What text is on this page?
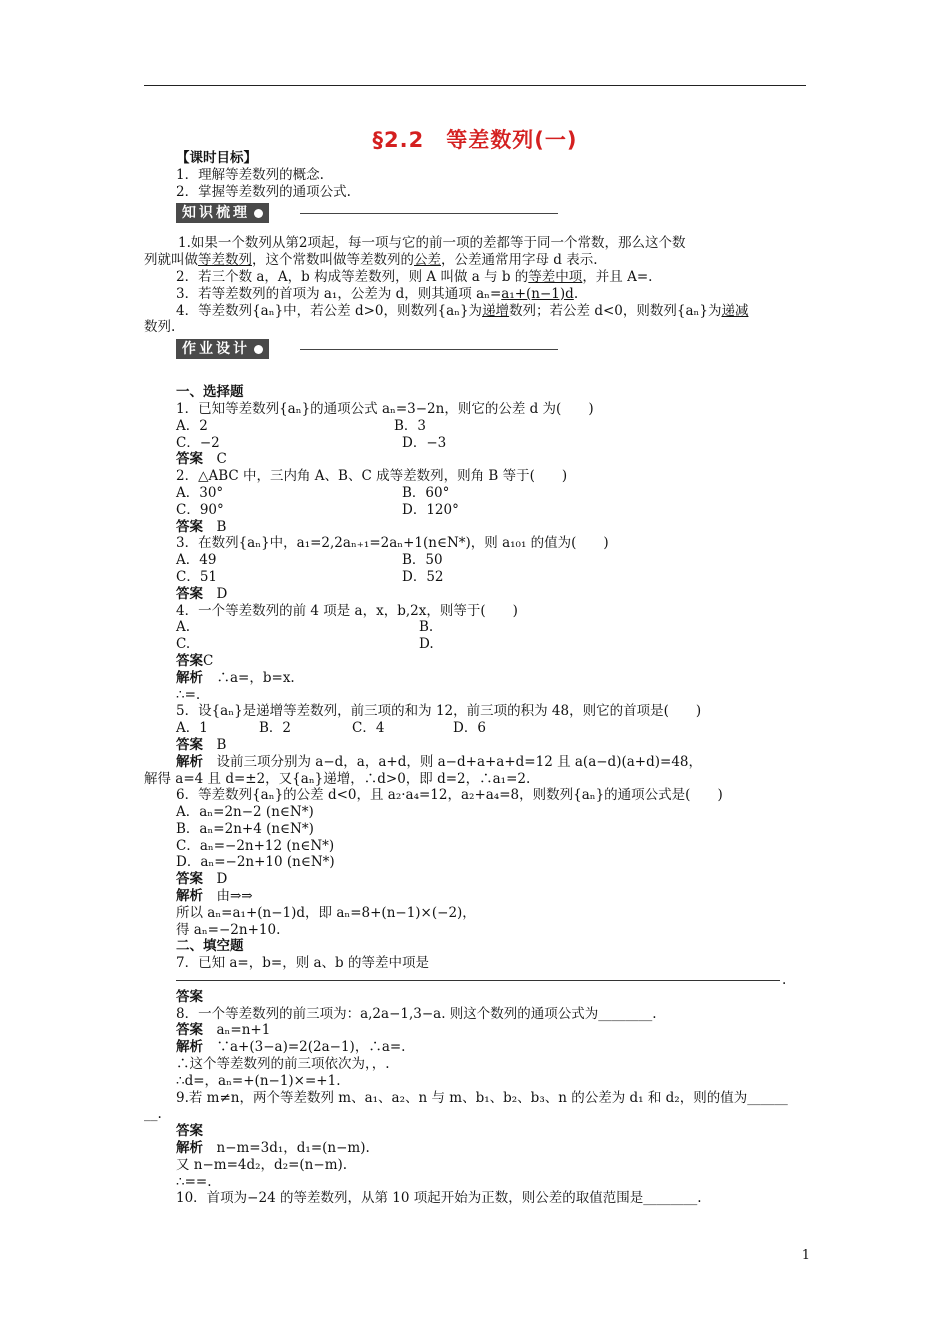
§2.2　等差数列(一)
【课时目标】
1．理解等差数列的概念.
2．掌握等差数列的通项公式.
知识梳理
1.如果一个数列从第2项起，每一项与它的前一项的差都等于同一个常数，那么这个数
列就叫做等差数列，这个常数叫做等差数列的公差，公差通常用字母 d 表示.
2．若三个数 a，A，b 构成等差数列，则 A 叫做 a 与 b 的等差中项，并且 A=.
3．若等差数列的首项为 a₁，公差为 d，则其通项 aₙ=a₁+(n−1)d.
4．等差数列{aₙ}中，若公差 d>0，则数列{aₙ}为递增数列；若公差 d<0，则数列{aₙ}为递减
数列.
作业设计
一、选择题
1．已知等差数列{aₙ}的通项公式 aₙ=3−2n，则它的公差 d 为(　　)
A．2	B．3
C．−2	D．−3
答案　 C
2．△ABC 中，三内角 A、B、C 成等差数列，则角 B 等于(　　)
A．30°	B．60°
C．90°	D．120°
答案　 B
3．在数列{aₙ}中，a₁=2,2aₙ₊₁=2aₙ+1(n∈N*)，则 a₁₀₁ 的值为(　　)
A．49	B．50
C．51	D．52
答案　 D
4．一个等差数列的前 4 项是 a，x，b,2x，则等于(　　)
A.	B.
C.	D.
答案C
解析　 ∴a=，b=x.
∴=.
5．设{aₙ}是递增等差数列，前三项的和为 12，前三项的积为 48，则它的首项是(　　)
A．1	B．2	C．4	D．6
答案　 B
解析　 设前三项分别为 a−d，a，a+d，则 a−d+a+a+d=12 且 a(a−d)(a+d)=48，
解得 a=4 且 d=±2，又{aₙ}递增，∴d>0，即 d=2，∴a₁=2.
6．等差数列{aₙ}的公差 d<0，且 a₂·a₄=12，a₂+a₄=8，则数列{aₙ}的通项公式是(　　)
A．aₙ=2n−2 (n∈N*)
B．aₙ=2n+4 (n∈N*)
C．aₙ=−2n+12 (n∈N*)
D．aₙ=−2n+10 (n∈N*)
答案　 D
解析　 由⇒⇒
所以 aₙ=a₁+(n−1)d，即 aₙ=8+(n−1)×(−2)，
得 aₙ=−2n+10.
二、填空题
7．已知 a=，b=，则 a、b 的等差中项是
.
答案
8．一个等差数列的前三项为：a,2a−1,3−a. 则这个数列的通项公式为________.
答案　 aₙ=n+1
解析　 ∵a+(3−a)=2(2a−1)，∴a=.
∴这个等差数列的前三项依次为，，.
∴d=，aₙ=+(n−1)×=+1.
9.若 m≠n，两个等差数列 m、a₁、a₂、n 与 m、b₁、b₂、b₃、n 的公差为 d₁ 和 d₂，则的值为______
__.
答案
解析　 n−m=3d₁，d₁=(n−m).
又 n−m=4d₂，d₂=(n−m).
∴==.
10．首项为−24 的等差数列，从第 10 项起开始为正数，则公差的取值范围是________.
1
